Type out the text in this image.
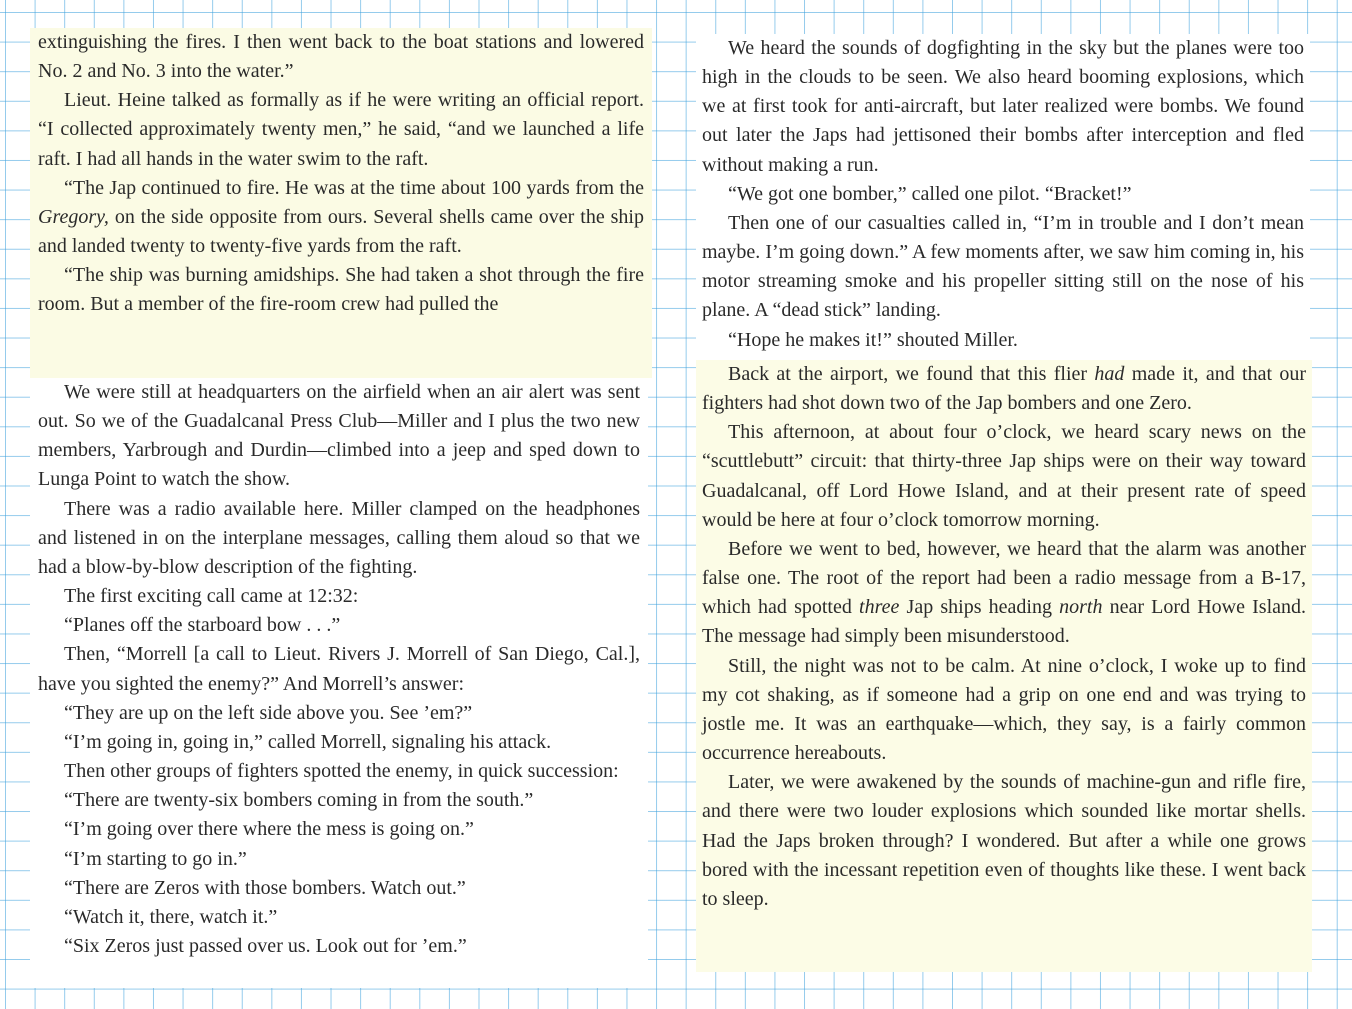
extinguishing the fires. I then went back to the boat stations and lowered No. 2 and No. 3 into the water.”

Lieut. Heine talked as formally as if he were writing an official report. “I collected approximately twenty men,” he said, “and we launched a life raft. I had all hands in the water swim to the raft.

“The Jap continued to fire. He was at the time about 100 yards from the Gregory, on the side opposite from ours. Several shells came over the ship and landed twenty to twenty-five yards from the raft.

“The ship was burning amidships. She had taken a shot through the fire room. But a member of the fire-room crew had pulled the

We were still at headquarters on the airfield when an air alert was sent out. So we of the Guadalcanal Press Club—Miller and I plus the two new members, Yarbrough and Durdin—climbed into a jeep and sped down to Lunga Point to watch the show.

There was a radio available here. Miller clamped on the headphones and listened in on the interplane messages, calling them aloud so that we had a blow-by-blow description of the fighting.

The first exciting call came at 12:32:

“Planes off the starboard bow . . .”

Then, “Morrell [a call to Lieut. Rivers J. Morrell of San Diego, Cal.], have you sighted the enemy?” And Morrell’s answer:

“They are up on the left side above you. See ’em?”

“I’m going in, going in,” called Morrell, signaling his attack.

Then other groups of fighters spotted the enemy, in quick succession:

“There are twenty-six bombers coming in from the south.”

“I’m going over there where the mess is going on.”

“I’m starting to go in.”

“There are Zeros with those bombers. Watch out.”

“Watch it, there, watch it.”

“Six Zeros just passed over us. Look out for ’em.”

We heard the sounds of dogfighting in the sky but the planes were too high in the clouds to be seen. We also heard booming explosions, which we at first took for anti-aircraft, but later realized were bombs. We found out later the Japs had jettisoned their bombs after interception and fled without making a run.

“We got one bomber,” called one pilot. “Bracket!”

Then one of our casualties called in, “I’m in trouble and I don’t mean maybe. I’m going down.” A few moments after, we saw him coming in, his motor streaming smoke and his propeller sitting still on the nose of his plane. A “dead stick” landing.

“Hope he makes it!” shouted Miller.

Back at the airport, we found that this flier had made it, and that our fighters had shot down two of the Jap bombers and one Zero.

This afternoon, at about four o’clock, we heard scary news on the “scuttlebutt” circuit: that thirty-three Jap ships were on their way toward Guadalcanal, off Lord Howe Island, and at their present rate of speed would be here at four o’clock tomorrow morning.

Before we went to bed, however, we heard that the alarm was another false one. The root of the report had been a radio message from a B-17, which had spotted three Jap ships heading north near Lord Howe Island. The message had simply been misunderstood.

Still, the night was not to be calm. At nine o’clock, I woke up to find my cot shaking, as if someone had a grip on one end and was trying to jostle me. It was an earthquake—which, they say, is a fairly common occurrence hereabouts.

Later, we were awakened by the sounds of machine-gun and rifle fire, and there were two louder explosions which sounded like mortar shells. Had the Japs broken through? I wondered. But after a while one grows bored with the incessant repetition even of thoughts like these. I went back to sleep.
